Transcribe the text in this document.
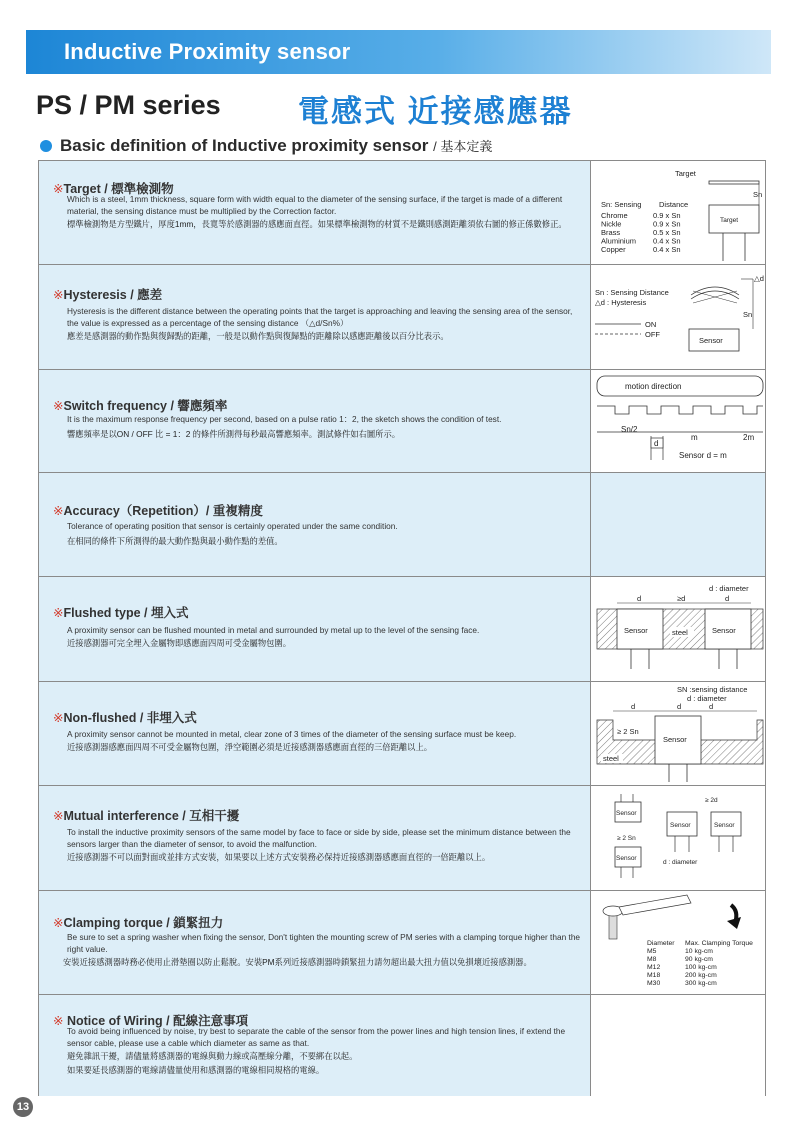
Inductive Proximity sensor
PS / PM series 電感式 近接感應器
Basic definition of Inductive proximity sensor / 基本定義
※Target / 標準檢測物
Which is a steel, 1mm thickness, square form with width equal to the diameter of the sensing surface, if the target is made of a different material, the sensing distance must be multiplied by the Correction factor.
標準檢測物是方型鐵片，厚度1mm，長寬等於感測器的感應面直徑。如果標準檢測物的材質不是鐵則感測距離須依右圖的修正係數修正。
Target
Sn
Target
Sn: Sensing Distance
Chrome	0.9 x Sn
Nickle	0.9 x Sn
Brass	0.5 x Sn
Aluminium 0.4 x Sn
Copper	0.4 x Sn
※Hysteresis / 應差
Hysteresis is the different distance between the operating points that the target is approaching and leaving the sensing area of the sensor, the value is expressed as a percentage of the sensing distance （△d/Sn%）
應差是感測器的動作點與復歸點的距離，一般是以動作點與復歸點的距離除以感應距離後以百分比表示。
△d
Sn
Sn : Sensing Distance
△d : Hysteresis
ON
OFF
Sensor
※Switch frequency / 響應頻率
It is the maximum response frequency per second, based on a pulse ratio 1：2, the sketch shows the condition of test.
響應頻率是以ON / OFF 比 = 1：2 的條件所測得每秒最高響應頻率。測試條件如右圖所示。
motion direction
Sn/2
m	2m
d
Sensor d = m
※Accuracy（Repetition）/ 重複精度
Tolerance of operating position that sensor is certainly operated under the same condition.
在相同的條件下所測得的最大動作點與最小動作點的差值。
※Flushed type / 埋入式
A proximity sensor can be flushed mounted in metal and surrounded by metal up to the level of the sensing face.
近接感測器可完全埋入金屬物即感應面四周可受金屬物包圍。
d : diameter
d	≥d	d
Sensor	Sensor
steel
※Non-flushed / 非埋入式
A proximity sensor cannot be mounted in metal, clear zone of 3 times of the diameter of the sensing surface must be keep.
近接感測器感應面四周不可受金屬物包圍，淨空範圍必須是近接感測器感應面直徑的三倍距離以上。
SN :sensing distance
d : diameter
d	d	d
Sensor
≥ 2 Sn
steel
※Mutual interference / 互相干擾
To install the inductive proximity sensors of the same model by face to face or side by side, please set the minimum distance between the sensors larger than the diameter of sensor, to avoid the malfunction.
近接感測器不可以面對面或並排方式安裝，如果要以上述方式安裝務必保持近接感測器感應面直徑的一倍距離以上。
≥ 2d
Sensor
≥ 2 Sn
Sensor
Sensor	Sensor
d : diameter
※Clamping torque / 鎖緊扭力
Be sure to set a spring washer when fixing the sensor, Don't tighten the mounting screw of PM series with a clamping torque higher than the right value.
安裝近接感測器時務必使用止滑墊圈以防止鬆脫。安裝PM系列近接感測器時鎖緊扭力請勿超出最大扭力值以免損壞近接感測器。
Diameter Max. Clamping Torque
M5	10 kg-cm
M8	90 kg-cm
M12	100 kg-cm
M18	200 kg-cm
M30	300 kg-cm
※ Notice of Wiring / 配線注意事項
To avoid being influenced by noise, try best to separate the cable of the sensor from the power lines and high tension lines, if extend the sensor cable, please use a cable which diameter as same as that.
避免雜訊干擾，請儘量將感測器的電線與動力線或高壓線分離，不要綁在以起。
如果要延長感測器的電線請儘量使用和感測器的電線相同規格的電線。
13
